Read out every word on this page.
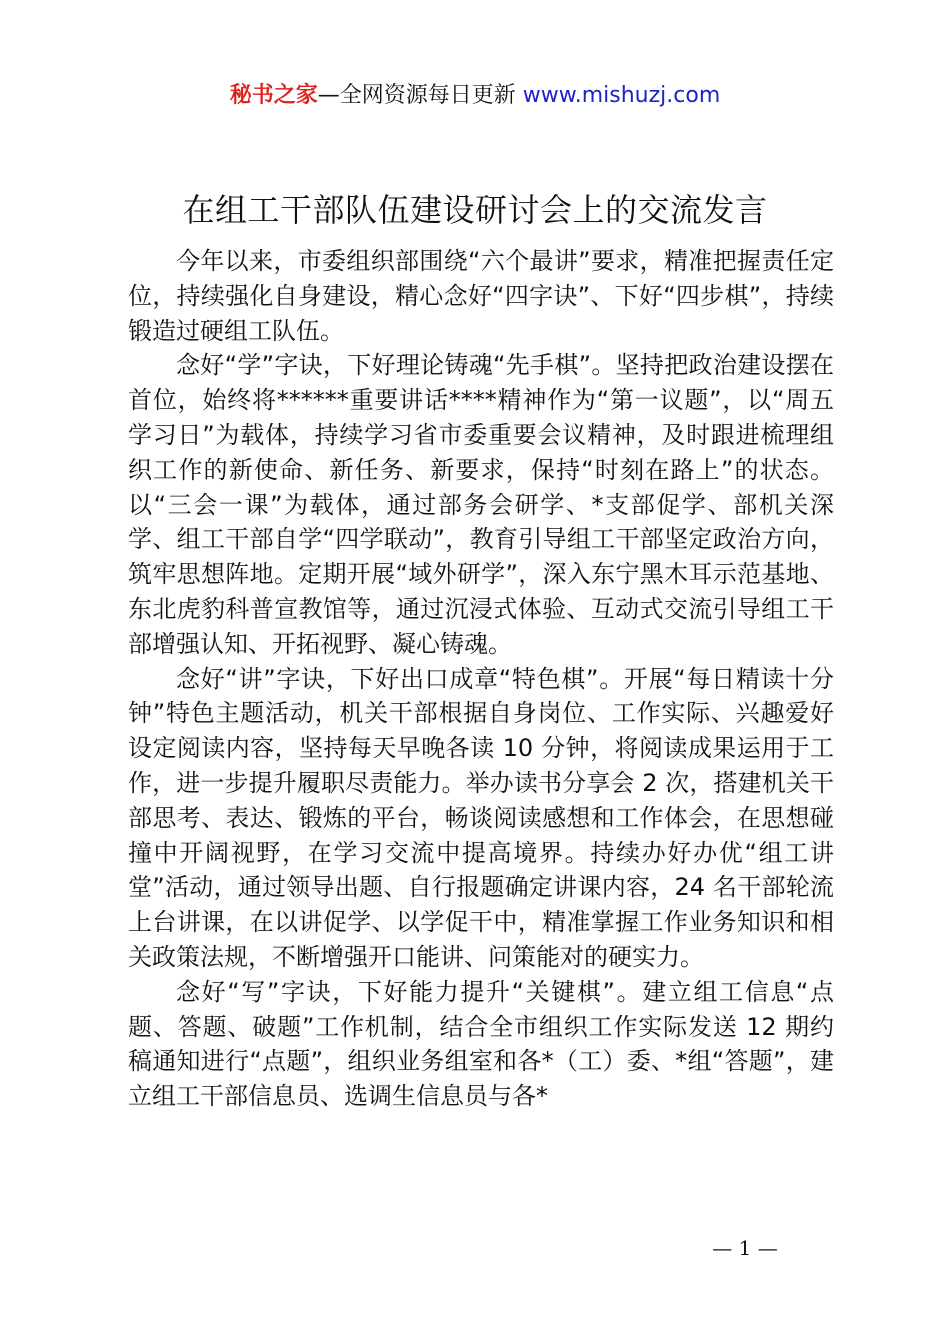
秘书之家—全网资源每日更新 www.mishuzj.com
在组工干部队伍建设研讨会上的交流发言

今年以来，市委组织部围绕“六个最讲”要求，精准把握责任定位，持续强化自身建设，精心念好“四字诀”、下好“四步棋”，持续锻造过硬组工队伍。

念好“学”字诀，下好理论铸魂“先手棋”。坚持把政治建设摆在首位，始终将******重要讲话****精神作为“第一议题”，以“周五学习日”为载体，持续学习省市委重要会议精神，及时跟进梳理组织工作的新使命、新任务、新要求，保持“时刻在路上”的状态。以“三会一课”为载体，通过部务会研学、*支部促学、部机关深学、组工干部自学“四学联动”，教育引导组工干部坚定政治方向，筑牢思想阵地。定期开展“域外研学”，深入东宁黑木耳示范基地、东北虎豹科普宣教馆等，通过沉浸式体验、互动式交流引导组工干部增强认知、开拓视野、凝心铸魂。

念好“讲”字诀，下好出口成章“特色棋”。开展“每日精读十分钟”特色主题活动，机关干部根据自身岗位、工作实际、兴趣爱好设定阅读内容，坚持每天早晚各读 10 分钟，将阅读成果运用于工作，进一步提升履职尽责能力。举办读书分享会 2 次，搭建机关干部思考、表达、锻炼的平台，畅谈阅读感想和工作体会，在思想碰撞中开阔视野，在学习交流中提高境界。持续办好办优“组工讲堂”活动，通过领导出题、自行报题确定讲课内容，24 名干部轮流上台讲课，在以讲促学、以学促干中，精准掌握工作业务知识和相关政策法规，不断增强开口能讲、问策能对的硬实力。

念好“写”字诀，下好能力提升“关键棋”。建立组工信息“点题、答题、破题”工作机制，结合全市组织工作实际发送 12 期约稿通知进行“点题”，组织业务组室和各*（工）委、*组“答题”，建立组工干部信息员、选调生信息员与各*

— 1 —
